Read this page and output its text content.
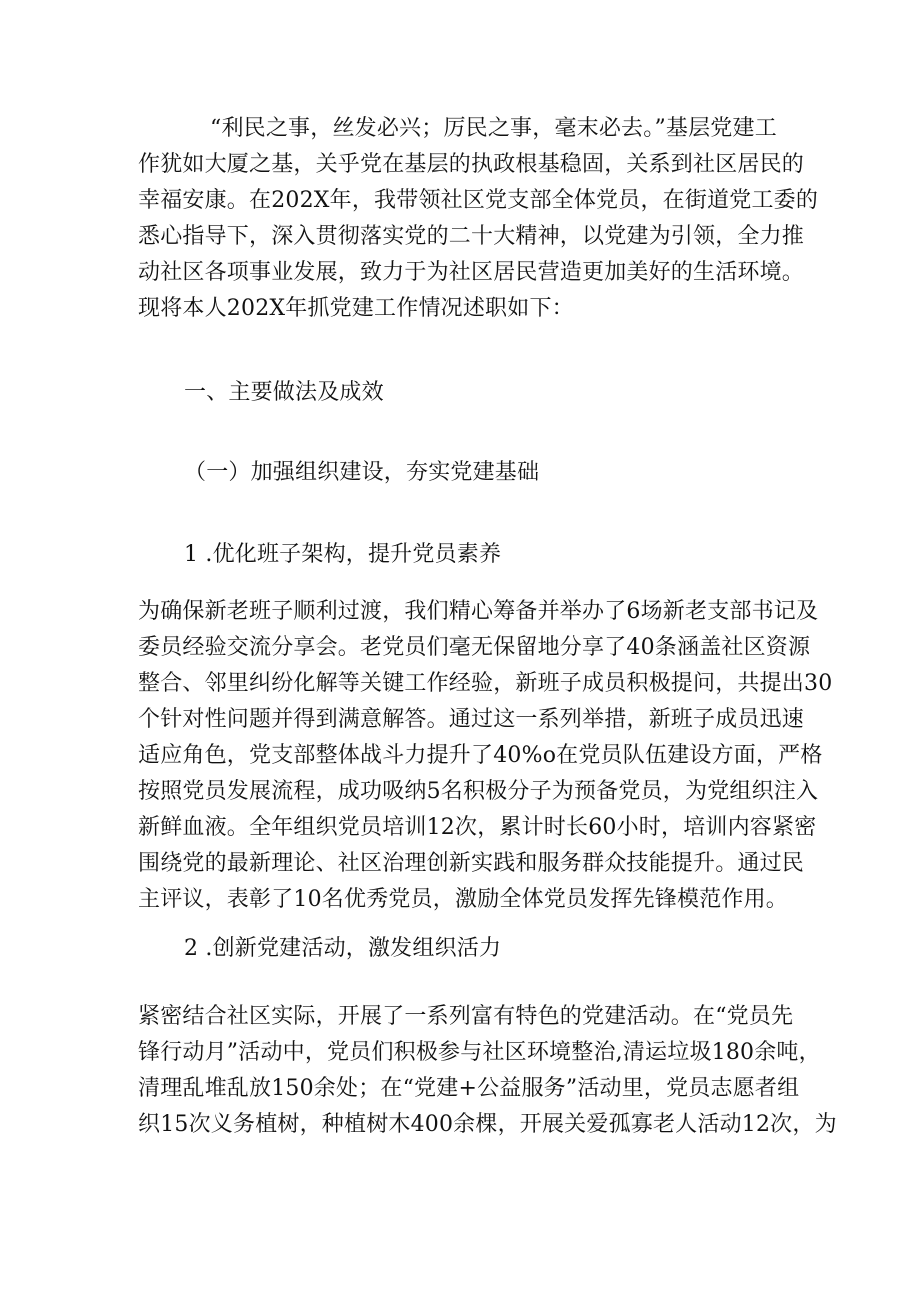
“利民之事，丝发必兴；厉民之事，毫末必去。”基层党建工
作犹如大厦之基，关乎党在基层的执政根基稳固，关系到社区居民的
幸福安康。在202X年，我带领社区党支部全体党员，在街道党工委的
悉心指导下，深入贯彻落实党的二十大精神，以党建为引领，全力推
动社区各项事业发展，致力于为社区居民营造更加美好的生活环境。
现将本人202X年抓党建工作情况述职如下：
一、主要做法及成效
（一）加强组织建设，夯实党建基础
1 .优化班子架构，提升党员素养
为确保新老班子顺利过渡，我们精心筹备并举办了6场新老支部书记及
委员经验交流分享会。老党员们毫无保留地分享了40条涵盖社区资源
整合、邻里纠纷化解等关键工作经验，新班子成员积极提问，共提出30
个针对性问题并得到满意解答。通过这一系列举措，新班子成员迅速
适应角色，党支部整体战斗力提升了40%o在党员队伍建设方面，严格
按照党员发展流程，成功吸纳5名积极分子为预备党员，为党组织注入
新鲜血液。全年组织党员培训12次，累计时长60小时，培训内容紧密
围绕党的最新理论、社区治理创新实践和服务群众技能提升。通过民
主评议，表彰了10名优秀党员，激励全体党员发挥先锋模范作用。
2 .创新党建活动，激发组织活力
紧密结合社区实际，开展了一系列富有特色的党建活动。在“党员先
锋行动月”活动中，党员们积极参与社区环境整治,清运垃圾180余吨，
清理乱堆乱放150余处；在“党建+公益服务”活动里，党员志愿者组
织15次义务植树，种植树木400余棵，开展关爱孤寡老人活动12次，为
